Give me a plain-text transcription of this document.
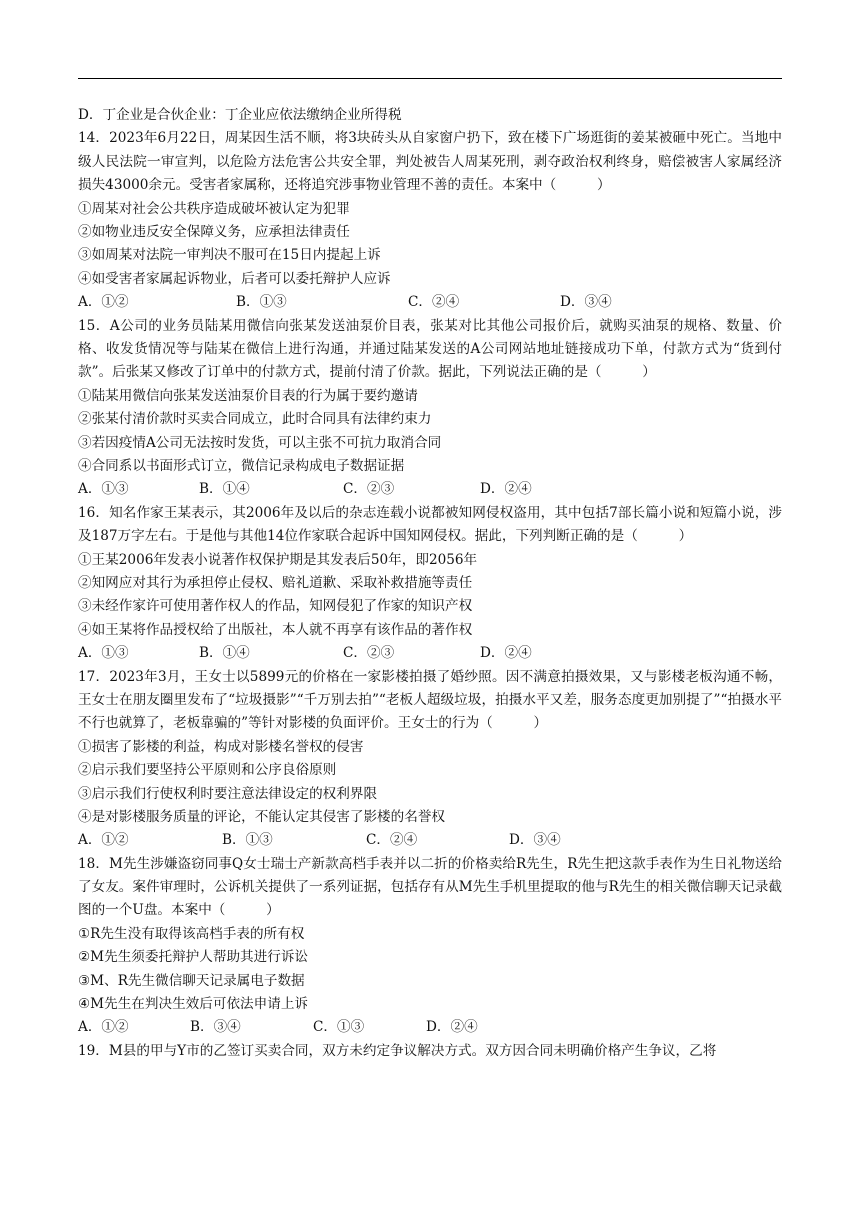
D．丁企业是合伙企业：丁企业应依法缴纳企业所得税
14．2023年6月22日，周某因生活不顺，将3块砖头从自家窗户扔下，致在楼下广场逛街的姜某被砸中死亡。当地中级人民法院一审宣判，以危险方法危害公共安全罪，判处被告人周某死刑，剥夺政治权利终身，赔偿被害人家属经济损失43000余元。受害者家属称，还将追究涉事物业管理不善的责任。本案中（　　　）
①周某对社会公共秩序造成破坏被认定为犯罪
②如物业违反安全保障义务，应承担法律责任
③如周某对法院一审判决不服可在15日内提起上诉
④如受害者家属起诉物业，后者可以委托辩护人应诉
A．①②	B．①③	C．②④	D．③④
15．A公司的业务员陆某用微信向张某发送油泵价目表，张某对比其他公司报价后，就购买油泵的规格、数量、价格、收发货情况等与陆某在微信上进行沟通，并通过陆某发送的A公司网站地址链接成功下单，付款方式为“货到付款”。后张某又修改了订单中的付款方式，提前付清了价款。据此，下列说法正确的是（　　　）
①陆某用微信向张某发送油泵价目表的行为属于要约邀请
②张某付清价款时买卖合同成立，此时合同具有法律约束力
③若因疫情A公司无法按时发货，可以主张不可抗力取消合同
④合同系以书面形式订立，微信记录构成电子数据证据
A．①③	B．①④	C．②③	D．②④
16．知名作家王某表示，其2006年及以后的杂志连载小说都被知网侵权盗用，其中包括7部长篇小说和短篇小说，涉及187万字左右。于是他与其他14位作家联合起诉中国知网侵权。据此，下列判断正确的是（　　　）
①王某2006年发表小说著作权保护期是其发表后50年，即2056年
②知网应对其行为承担停止侵权、赔礼道歉、采取补救措施等责任
③未经作家许可使用著作权人的作品，知网侵犯了作家的知识产权
④如王某将作品授权给了出版社，本人就不再享有该作品的著作权
A．①③	B．①④	C．②③	D．②④
17．2023年3月，王女士以5899元的价格在一家影楼拍摄了婚纱照。因不满意拍摄效果，又与影楼老板沟通不畅，王女士在朋友圈里发布了“垃圾摄影”“千万别去拍”“老板人超级垃圾，拍摄水平又差，服务态度更加别提了”“拍摄水平不行也就算了，老板靠骗的”等针对影楼的负面评价。王女士的行为（　　　）
①损害了影楼的利益，构成对影楼名誉权的侵害
②启示我们要坚持公平原则和公序良俗原则
③启示我们行使权利时要注意法律设定的权利界限
④是对影楼服务质量的评论，不能认定其侵害了影楼的名誉权
A．①②	B．①③	C．②④	D．③④
18．M先生涉嫌盗窃同事Q女士瑞士产新款高档手表并以二折的价格卖给R先生，R先生把这款手表作为生日礼物送给了女友。案件审理时，公诉机关提供了一系列证据，包括存有从M先生手机里提取的他与R先生的相关微信聊天记录截图的一个U盘。本案中（　　　）
①R先生没有取得该高档手表的所有权
②M先生须委托辩护人帮助其进行诉讼
③M、R先生微信聊天记录属电子数据
④M先生在判决生效后可依法申请上诉
A．①②	B．③④	C．①③	D．②④
19．M县的甲与Y市的乙签订买卖合同，双方未约定争议解决方式。双方因合同未明确价格产生争议，乙将
